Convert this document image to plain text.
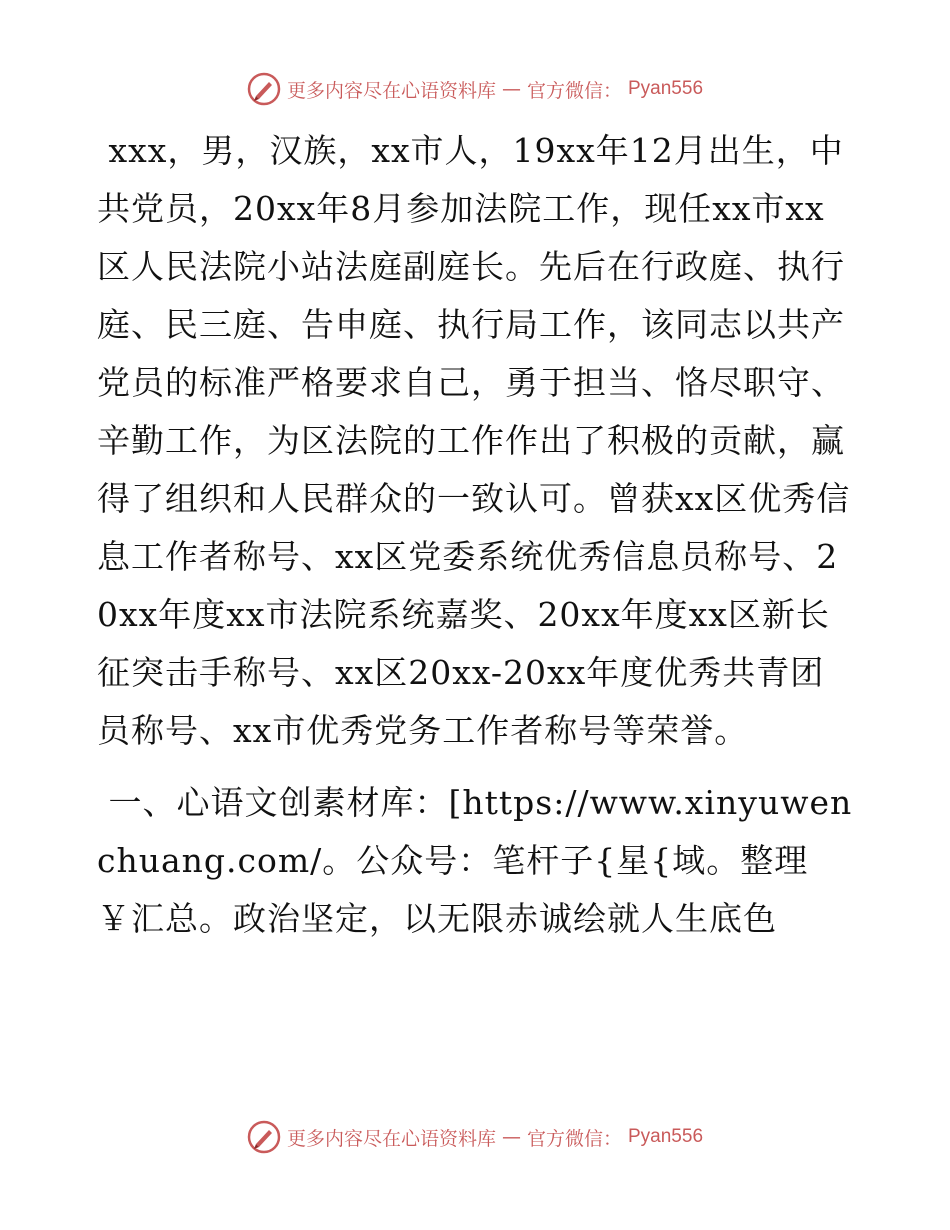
更多内容尽在心语资料库 — 官方微信： Pyan556

xxx，男，汉族，xx市人，19xx年12月出生，中共党员，20xx年8月参加法院工作，现任xx市xx区人民法院小站法庭副庭长。先后在行政庭、执行庭、民三庭、告申庭、执行局工作，该同志以共产党员的标准严格要求自己，勇于担当、恪尽职守、辛勤工作，为区法院的工作作出了积极的贡献，赢得了组织和人民群众的一致认可。曾获xx区优秀信息工作者称号、xx区党委系统优秀信息员称号、20xx年度xx市法院系统嘉奖、20xx年度xx区新长征突击手称号、xx区20xx-20xx年度优秀共青团员称号、xx市优秀党务工作者称号等荣誉。

一、心语文创素材库：[https://www.xinyuwenchuang.com/。公众号：笔杆子{星{域。整理￥汇总。政治坚定，以无限赤诚绘就人生底色

更多内容尽在心语资料库 — 官方微信： Pyan556
